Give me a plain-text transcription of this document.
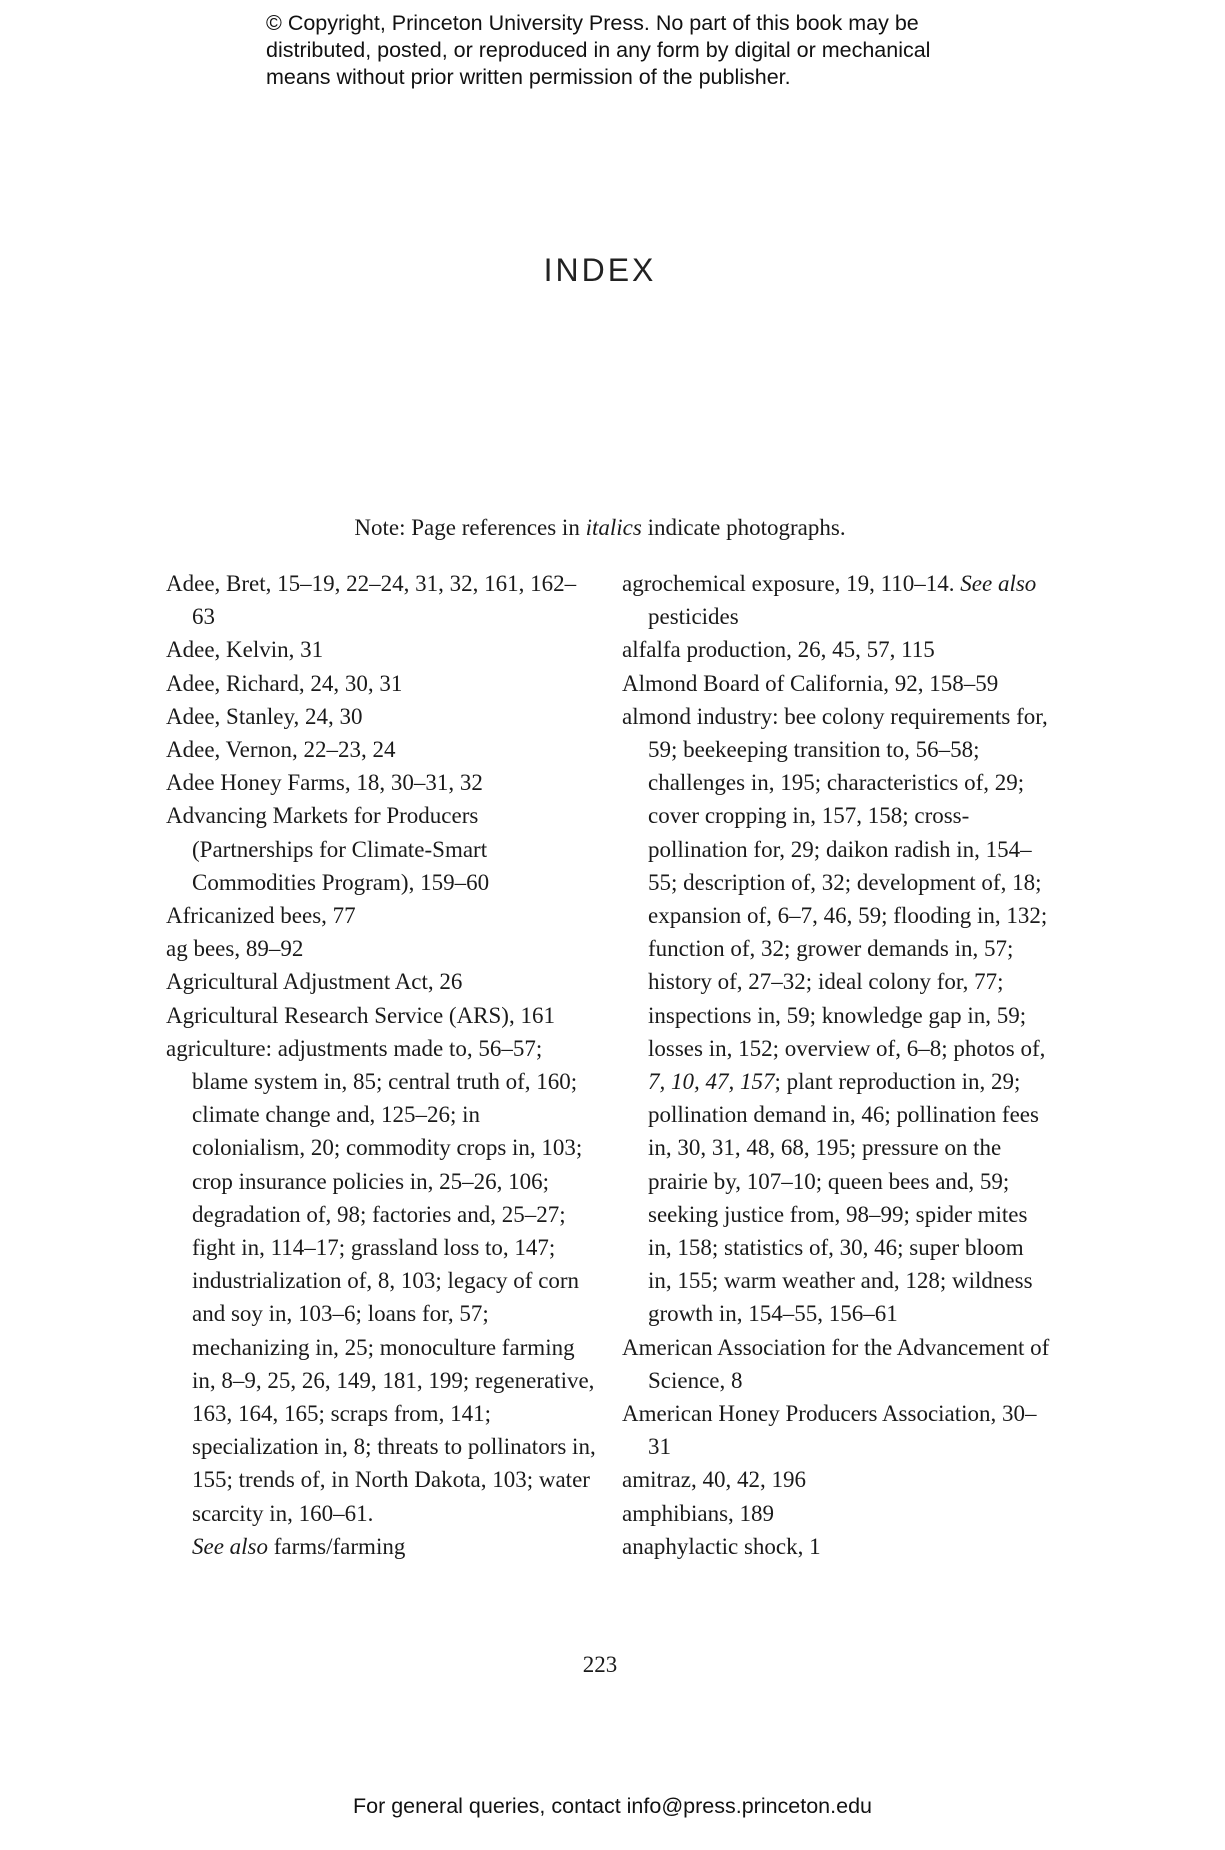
© Copyright, Princeton University Press. No part of this book may be
distributed, posted, or reproduced in any form by digital or mechanical
means without prior written permission of the publisher.
INDEX
Note: Page references in italics indicate photographs.

Adee, Bret, 15–19, 22–24, 31, 32, 161, 162–63

Adee, Kelvin, 31

Adee, Richard, 24, 30, 31

Adee, Stanley, 24, 30

Adee, Vernon, 22–23, 24

Adee Honey Farms, 18, 30–31, 32

Advancing Markets for Producers (Partnerships for Climate-Smart Commodities Program), 159–60

Africanized bees, 77

ag bees, 89–92

Agricultural Adjustment Act, 26

Agricultural Research Service (ARS), 161

agriculture: adjustments made to, 56–57; blame system in, 85; central truth of, 160; climate change and, 125–26; in colonialism, 20; commodity crops in, 103; crop insurance policies in, 25–26, 106; degradation of, 98; factories and, 25–27; fight in, 114–17; grassland loss to, 147; industrialization of, 8, 103; legacy of corn and soy in, 103–6; loans for, 57; mechanizing in, 25; monoculture farming in, 8–9, 25, 26, 149, 181, 199; regenerative, 163, 164, 165; scraps from, 141; specialization in, 8; threats to pollinators in, 155; trends of, in North Dakota, 103; water scarcity in, 160–61.
See also farms/farming

agrochemical exposure, 19, 110–14. See also pesticides

alfalfa production, 26, 45, 57, 115

Almond Board of California, 92, 158–59

almond industry: bee colony requirements for, 59; beekeeping transition to, 56–58; challenges in, 195; characteristics of, 29; cover cropping in, 157, 158; cross-pollination for, 29; daikon radish in, 154–55; description of, 32; development of, 18; expansion of, 6–7, 46, 59; flooding in, 132; function of, 32; grower demands in, 57; history of, 27–32; ideal colony for, 77; inspections in, 59; knowledge gap in, 59; losses in, 152; overview of, 6–8; photos of, 7, 10, 47, 157; plant reproduction in, 29; pollination demand in, 46; pollination fees in, 30, 31, 48, 68, 195; pressure on the prairie by, 107–10; queen bees and, 59; seeking justice from, 98–99; spider mites in, 158; statistics of, 30, 46; super bloom in, 155; warm weather and, 128; wildness growth in, 154–55, 156–61

American Association for the Advancement of Science, 8

American Honey Producers Association, 30–31

amitraz, 40, 42, 196

amphibians, 189

anaphylactic shock, 1

223
For general queries, contact info@press.princeton.edu
